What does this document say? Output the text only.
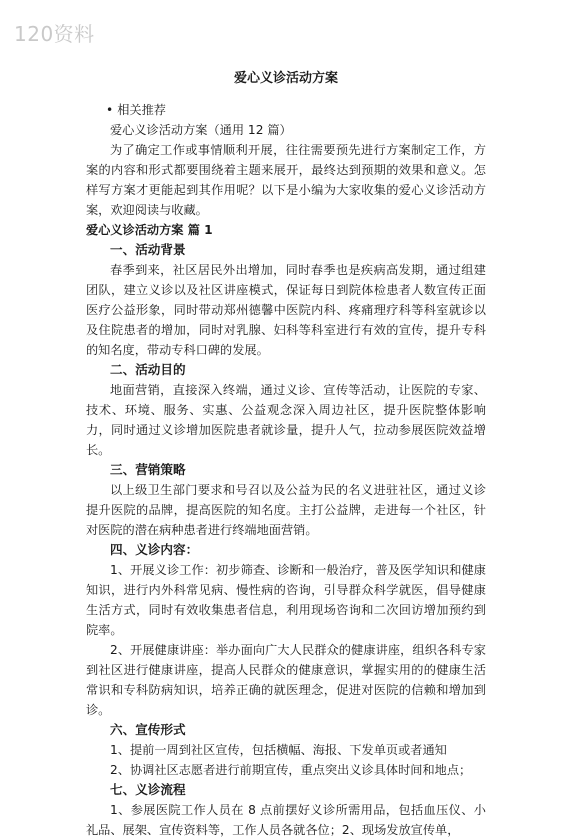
120资料
爱心义诊活动方案

• 相关推荐

爱心义诊活动方案（通用 12 篇）

为了确定工作或事情顺利开展，往往需要预先进行方案制定工作，方案的内容和形式都要围绕着主题来展开，最终达到预期的效果和意义。怎样写方案才更能起到其作用呢？以下是小编为大家收集的爱心义诊活动方案，欢迎阅读与收藏。

爱心义诊活动方案 篇 1

一、活动背景

春季到来，社区居民外出增加，同时春季也是疾病高发期，通过组建团队，建立义诊以及社区讲座模式，保证每日到院体检患者人数宣传正面医疗公益形象，同时带动郑州德馨中医院内科、疼痛理疗科等科室就诊以及住院患者的增加，同时对乳腺、妇科等科室进行有效的宣传，提升专科的知名度，带动专科口碑的发展。

二、活动目的

地面营销，直接深入终端，通过义诊、宣传等活动，让医院的专家、技术、环境、服务、实惠、公益观念深入周边社区，提升医院整体影响力，同时通过义诊增加医院患者就诊量，提升人气，拉动参展医院效益增长。

三、营销策略

以上级卫生部门要求和号召以及公益为民的名义进驻社区，通过义诊提升医院的品牌，提高医院的知名度。主打公益牌，走进每一个社区，针对医院的潜在病种患者进行终端地面营销。

四、义诊内容：

1、开展义诊工作：初步筛查、诊断和一般治疗，普及医学知识和健康知识，进行内外科常见病、慢性病的咨询，引导群众科学就医，倡导健康生活方式，同时有效收集患者信息，利用现场咨询和二次回访增加预约到院率。

2、开展健康讲座：举办面向广大人民群众的健康讲座，组织各科专家到社区进行健康讲座，提高人民群众的健康意识，掌握实用的的健康生活常识和专科防病知识，培养正确的就医理念，促进对医院的信赖和增加到诊。

六、宣传形式

1、提前一周到社区宣传，包括横幅、海报、下发单页或者通知

2、协调社区志愿者进行前期宣传，重点突出义诊具体时间和地点；

七、义诊流程

1、参展医院工作人员在 8 点前摆好义诊所需用品，包括血压仪、小礼品、展架、宣传资料等，工作人员各就各位；2、现场发放宣传单，
